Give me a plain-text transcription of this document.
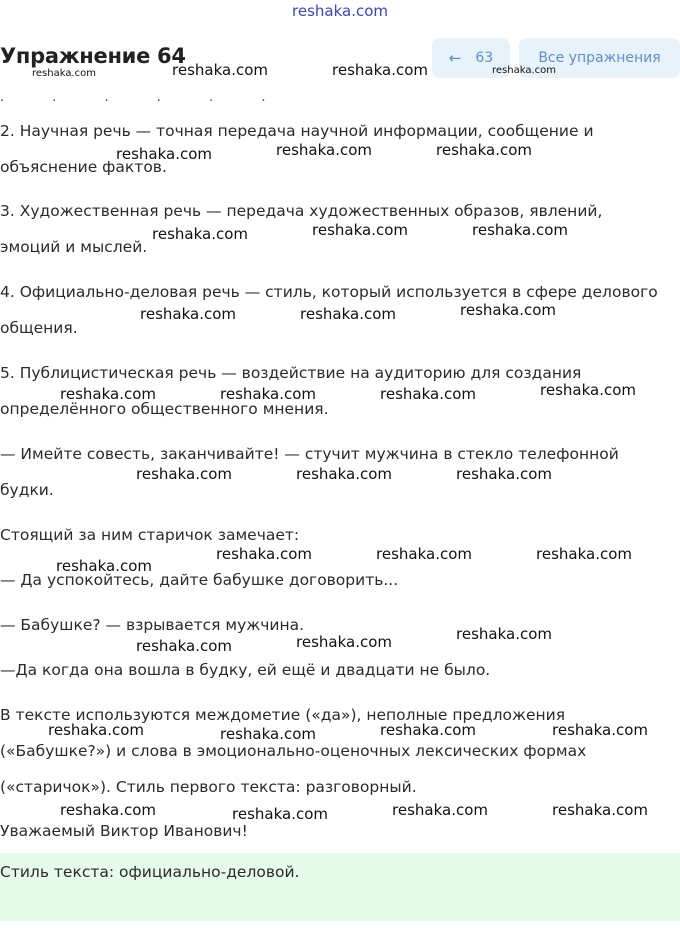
reshaka.com
Упражнение 64	← 63	Все упражнения
. . . . . .

2. Научная речь — точная передача научной информации, сообщение и
объяснение фактов.

3. Художественная речь — передача художественных образов, явлений,
эмоций и мыслей.

4. Официально-деловая речь — стиль, который используется в сфере делового
общения.

5. Публицистическая речь — воздействие на аудиторию для создания
определённого общественного мнения.

— Имейте совесть, заканчивайте! — стучит мужчина в стекло телефонной
будки.

Стоящий за ним старичок замечает:

— Да успокойтесь, дайте бабушке договорить...

— Бабушке? — взрывается мужчина.

—Да когда она вошла в будку, ей ещё и двадцати не было.

В тексте используются междометие («да»), неполные предложения
(«Бабушке?») и слова в эмоционально-оценочных лексических формах

(«старичок»). Стиль первого текста: разговорный.

Уважаемый Виктор Иванович!

Стиль текста: официально-деловой.
reshaka.com	reshaka.com	reshaka.com	reshaka.com
reshaka.com	reshaka.com	reshaka.com
reshaka.com	reshaka.com	reshaka.com
reshaka.com	reshaka.com	reshaka.com
reshaka.com	reshaka.com	reshaka.com	reshaka.com
reshaka.com	reshaka.com	reshaka.com
reshaka.com
reshaka.com	reshaka.com	reshaka.com
reshaka.com	reshaka.com	reshaka.com
reshaka.com	reshaka.com	reshaka.com	reshaka.com
reshaka.com	reshaka.com	reshaka.com	reshaka.com
